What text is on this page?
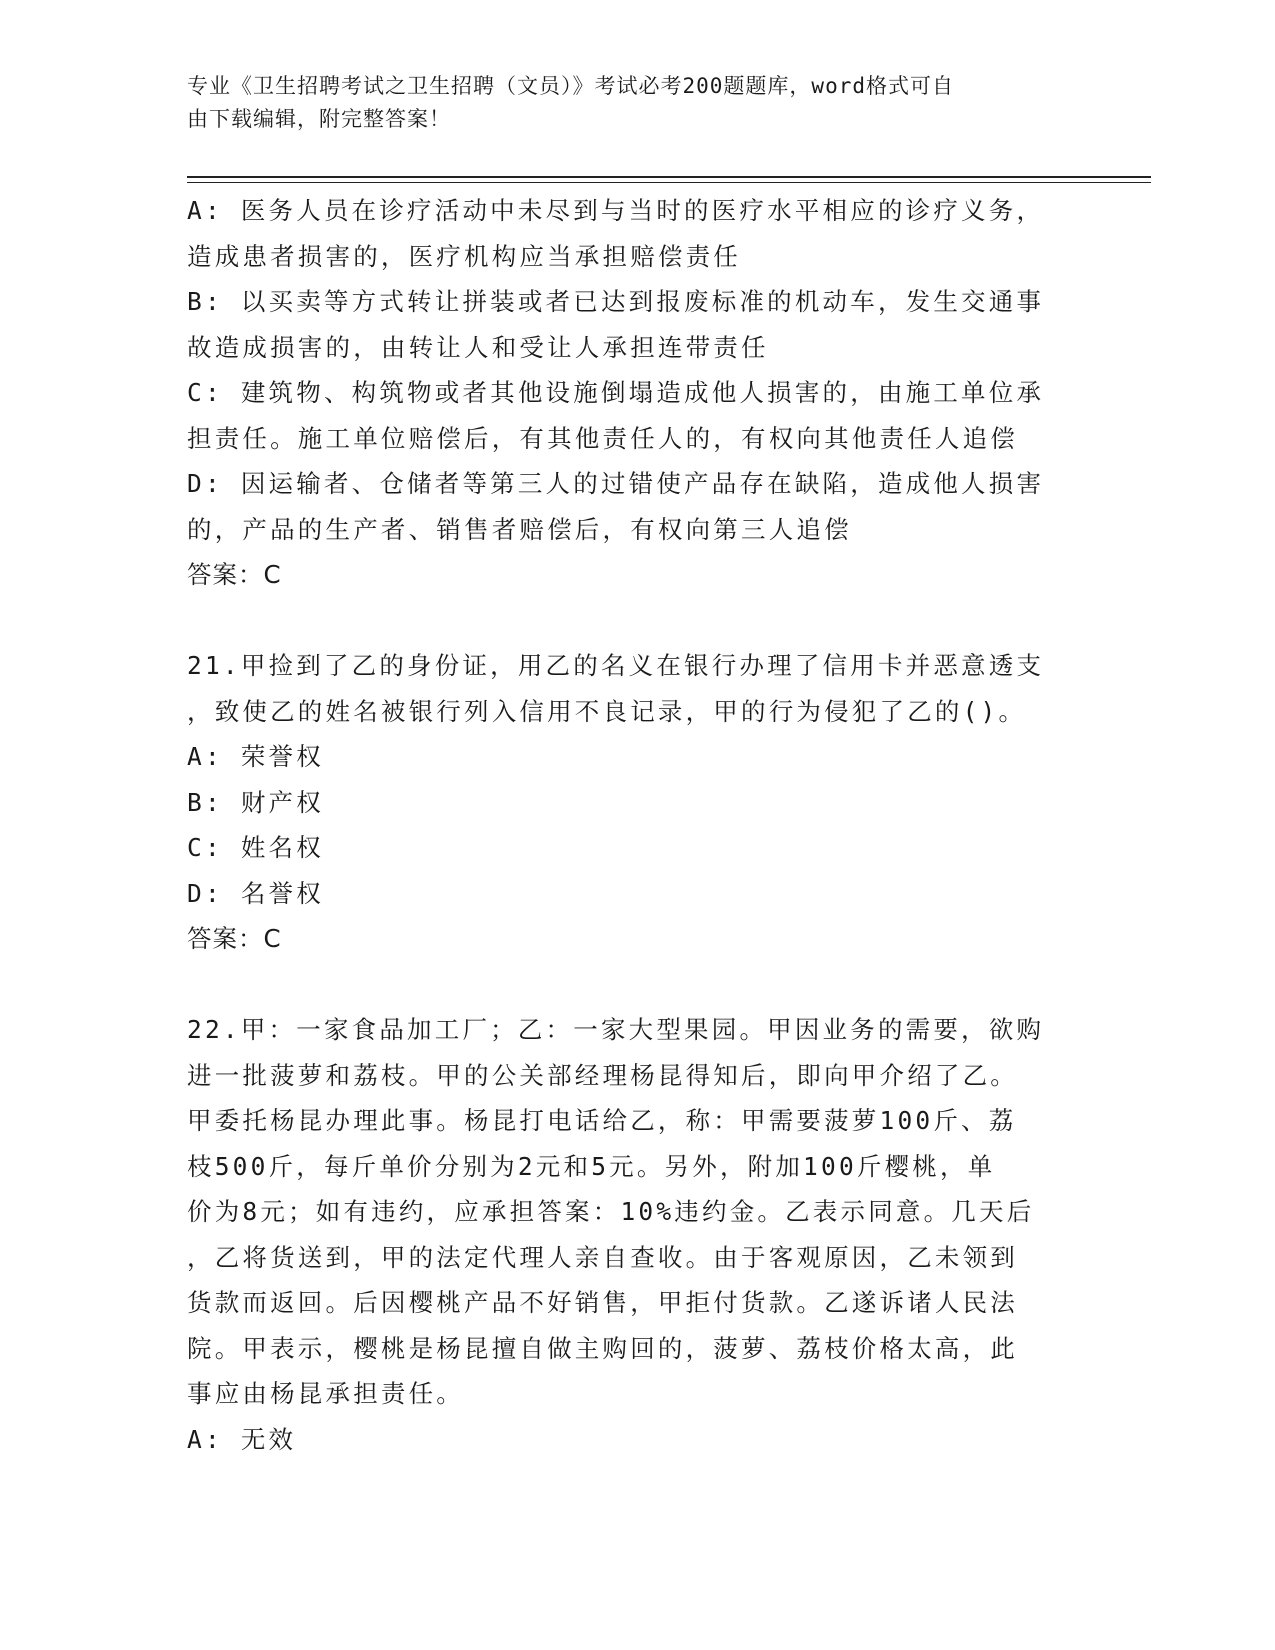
专业《卫生招聘考试之卫生招聘（文员）》考试必考200题题库，word格式可自
由下载编辑，附完整答案！
A: 医务人员在诊疗活动中未尽到与当时的医疗水平相应的诊疗义务，
造成患者损害的，医疗机构应当承担赔偿责任
B: 以买卖等方式转让拼装或者已达到报废标准的机动车，发生交通事
故造成损害的，由转让人和受让人承担连带责任
C: 建筑物、构筑物或者其他设施倒塌造成他人损害的，由施工单位承
担责任。施工单位赔偿后，有其他责任人的，有权向其他责任人追偿
D: 因运输者、仓储者等第三人的过错使产品存在缺陷，造成他人损害
的，产品的生产者、销售者赔偿后，有权向第三人追偿
答案：C
21.甲捡到了乙的身份证，用乙的名义在银行办理了信用卡并恶意透支
，致使乙的姓名被银行列入信用不良记录，甲的行为侵犯了乙的()。
A: 荣誉权
B: 财产权
C: 姓名权
D: 名誉权
答案：C
22.甲：一家食品加工厂；乙：一家大型果园。甲因业务的需要，欲购
进一批菠萝和荔枝。甲的公关部经理杨昆得知后，即向甲介绍了乙。
甲委托杨昆办理此事。杨昆打电话给乙，称：甲需要菠萝100斤、荔
枝500斤，每斤单价分别为2元和5元。另外，附加100斤樱桃，单
价为8元；如有违约，应承担答案：10%违约金。乙表示同意。几天后
，乙将货送到，甲的法定代理人亲自查收。由于客观原因，乙未领到
货款而返回。后因樱桃产品不好销售，甲拒付货款。乙遂诉诸人民法
院。甲表示，樱桃是杨昆擅自做主购回的，菠萝、荔枝价格太高，此
事应由杨昆承担责任。
A: 无效
